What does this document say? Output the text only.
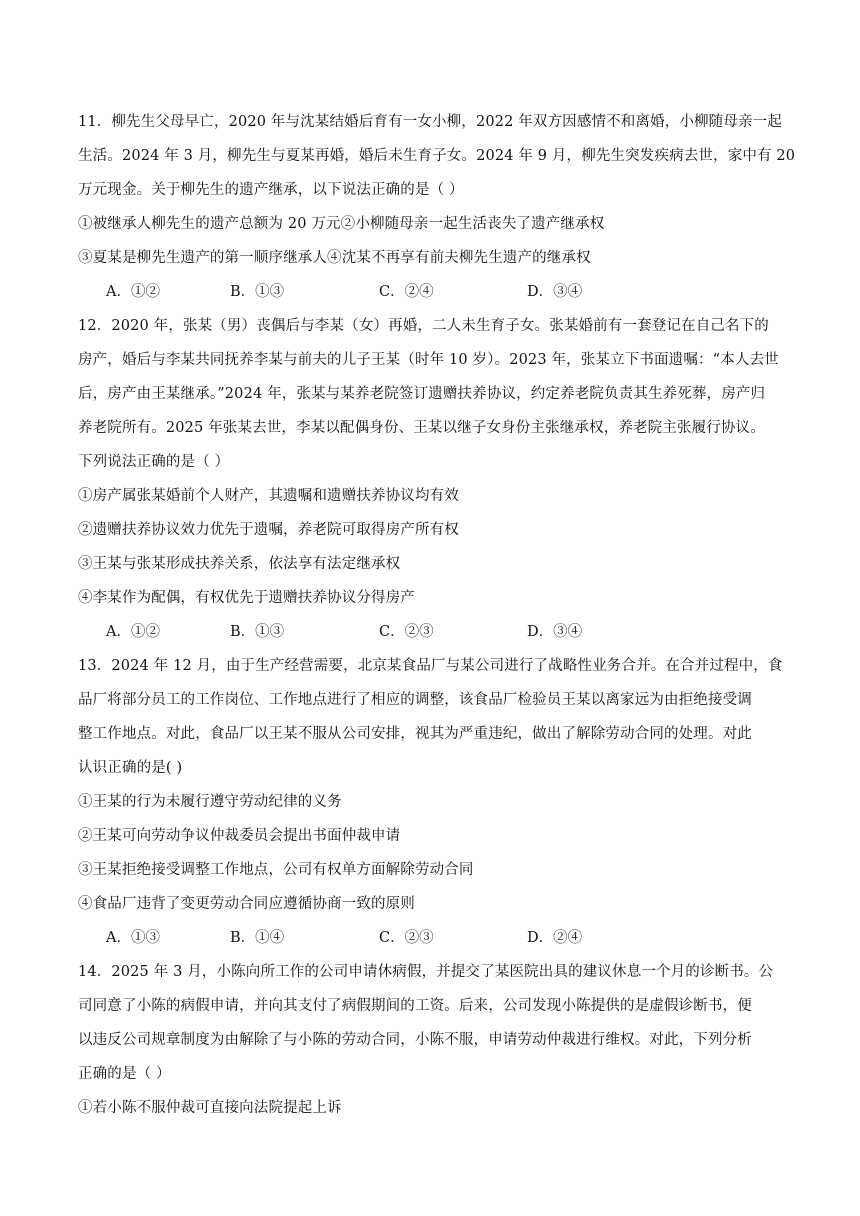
11．柳先生父母早亡，2020 年与沈某结婚后育有一女小柳，2022 年双方因感情不和离婚，小柳随母亲一起
生活。2024 年 3 月，柳先生与夏某再婚，婚后未生育子女。2024 年 9 月，柳先生突发疾病去世，家中有 20
万元现金。关于柳先生的遗产继承，以下说法正确的是（ ）
①被继承人柳先生的遗产总额为 20 万元②小柳随母亲一起生活丧失了遗产继承权
③夏某是柳先生遗产的第一顺序继承人④沈某不再享有前夫柳先生遗产的继承权
A．①②	B．①③	C．②④	D．③④
12．2020 年，张某（男）丧偶后与李某（女）再婚，二人未生育子女。张某婚前有一套登记在自己名下的
房产，婚后与李某共同抚养李某与前夫的儿子王某（时年 10 岁）。2023 年，张某立下书面遗嘱：“本人去世
后，房产由王某继承。”2024 年，张某与某养老院签订遗赠扶养协议，约定养老院负责其生养死葬，房产归
养老院所有。2025 年张某去世，李某以配偶身份、王某以继子女身份主张继承权，养老院主张履行协议。
下列说法正确的是（ ）
①房产属张某婚前个人财产，其遗嘱和遗赠扶养协议均有效
②遗赠扶养协议效力优先于遗嘱，养老院可取得房产所有权
③王某与张某形成扶养关系，依法享有法定继承权
④李某作为配偶，有权优先于遗赠扶养协议分得房产
A．①②	B．①③	C．②③	D．③④
13．2024 年 12 月，由于生产经营需要，北京某食品厂与某公司进行了战略性业务合并。在合并过程中，食
品厂将部分员工的工作岗位、工作地点进行了相应的调整，该食品厂检验员王某以离家远为由拒绝接受调
整工作地点。对此，食品厂以王某不服从公司安排，视其为严重违纪，做出了解除劳动合同的处理。对此
认识正确的是( )
①王某的行为未履行遵守劳动纪律的义务
②王某可向劳动争议仲裁委员会提出书面仲裁申请
③王某拒绝接受调整工作地点，公司有权单方面解除劳动合同
④食品厂违背了变更劳动合同应遵循协商一致的原则
A．①③	B．①④	C．②③	D．②④
14．2025 年 3 月，小陈向所工作的公司申请休病假，并提交了某医院出具的建议休息一个月的诊断书。公
司同意了小陈的病假申请，并向其支付了病假期间的工资。后来，公司发现小陈提供的是虚假诊断书，便
以违反公司规章制度为由解除了与小陈的劳动合同，小陈不服，申请劳动仲裁进行维权。对此，下列分析
正确的是（ ）
①若小陈不服仲裁可直接向法院提起上诉
